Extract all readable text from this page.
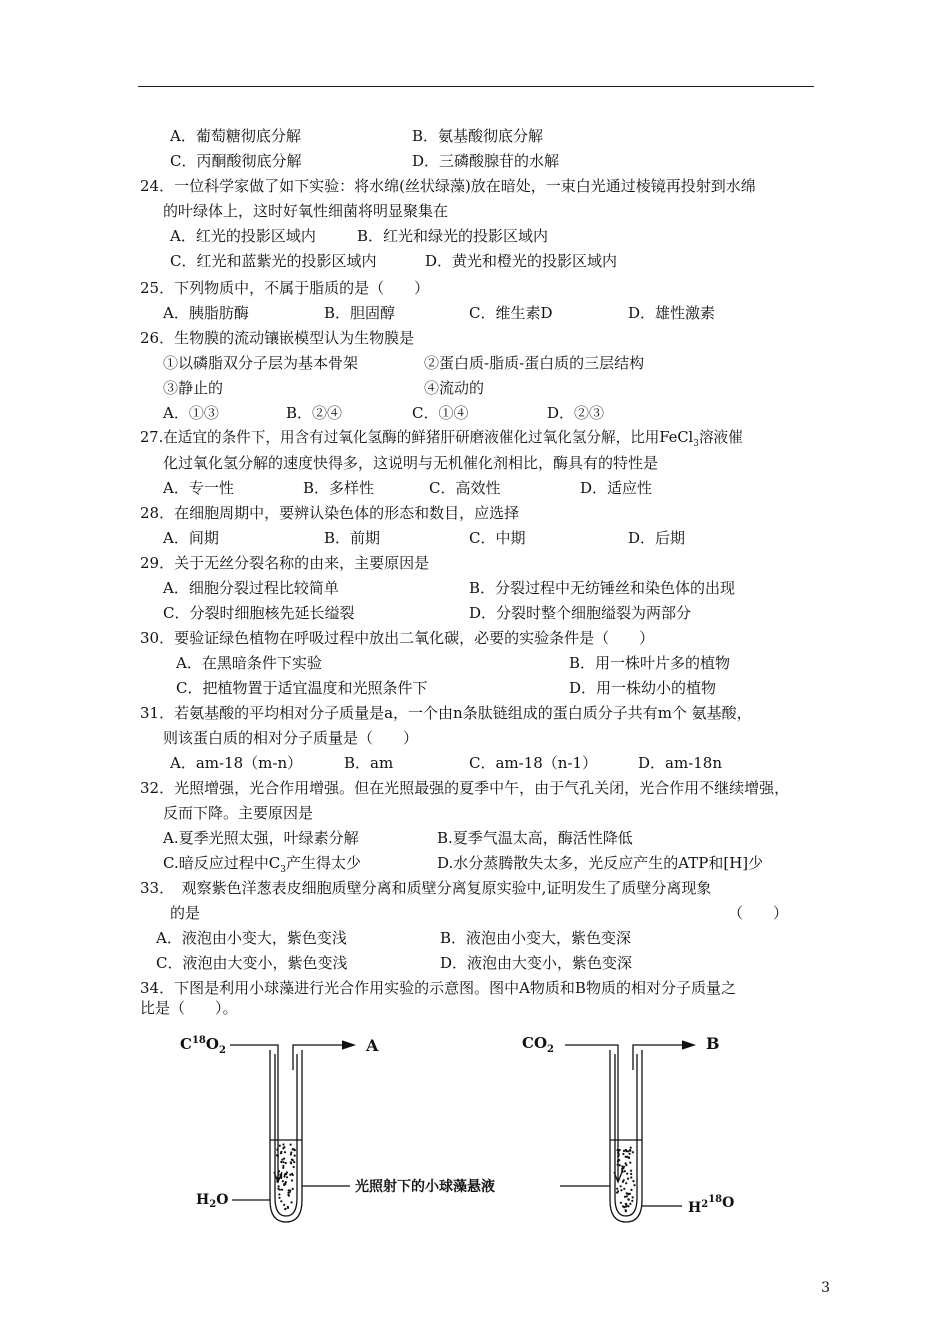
A．葡萄糖彻底分解	B．氨基酸彻底分解
C．丙酮酸彻底分解	D．三磷酸腺苷的水解
24．一位科学家做了如下实验：将水绵(丝状绿藻)放在暗处，一束白光通过棱镜再投射到水绵
的叶绿体上，这时好氧性细菌将明显聚集在
A．红光的投影区域内	B．红光和绿光的投影区域内
C．红光和蓝紫光的投影区域内	D．黄光和橙光的投影区域内
25．下列物质中，不属于脂质的是（　　）
A．胰脂肪酶	B．胆固醇	C．维生素D	D．雄性激素
26．生物膜的流动镶嵌模型认为生物膜是
①以磷脂双分子层为基本骨架	②蛋白质-脂质-蛋白质的三层结构
③静止的	④流动的
A．①③	B．②④	C．①④	D．②③
27.在适宜的条件下，用含有过氧化氢酶的鲜猪肝研磨液催化过氧化氢分解，比用FeCl$_3$溶液催
化过氧化氢分解的速度快得多，这说明与无机催化剂相比，酶具有的特性是
A．专一性	B．多样性	C．高效性	D．适应性
28．在细胞周期中，要辨认染色体的形态和数目，应选择
A．间期	B．前期	C．中期	D．后期
29．关于无丝分裂名称的由来，主要原因是
A．细胞分裂过程比较简单	B．分裂过程中无纺锤丝和染色体的出现
C．分裂时细胞核先延长缢裂	D．分裂时整个细胞缢裂为两部分
30．要验证绿色植物在呼吸过程中放出二氧化碳，必要的实验条件是（　　）
A．在黑暗条件下实验	B．用一株叶片多的植物
C．把植物置于适宜温度和光照条件下	D．用一株幼小的植物
31．若氨基酸的平均相对分子质量是a，一个由n条肽链组成的蛋白质分子共有m个 氨基酸，
则该蛋白质的相对分子质量是（　　）
A．am-18（m-n）	B．am	C．am-18（n-1）	D．am-18n
32．光照增强，光合作用增强。但在光照最强的夏季中午，由于气孔关闭，光合作用不继续增强，
反而下降。主要原因是
A.夏季光照太强，叶绿素分解	B.夏季气温太高，酶活性降低
C.暗反应过程中$C_3$产生得太少	D.水分蒸腾散失太多，光反应产生的ATP和[H]少
33．　观察紫色洋葱表皮细胞质壁分离和质壁分离复原实验中,证明发生了质壁分离现象
的是	（　　）
A．液泡由小变大，紫色变浅	B．液泡由小变大，紫色变深
C．液泡由大变小，紫色变浅	D．液泡由大变小，紫色变深
34．下图是利用小球藻进行光合作用实验的示意图。图中A物质和B物质的相对分子质量之
比是（　　）。
$C^{18}O_2$	A
$H_2O$
$CO_2$	B
$H^{218}O$
光照射下的小球藻悬液
3
